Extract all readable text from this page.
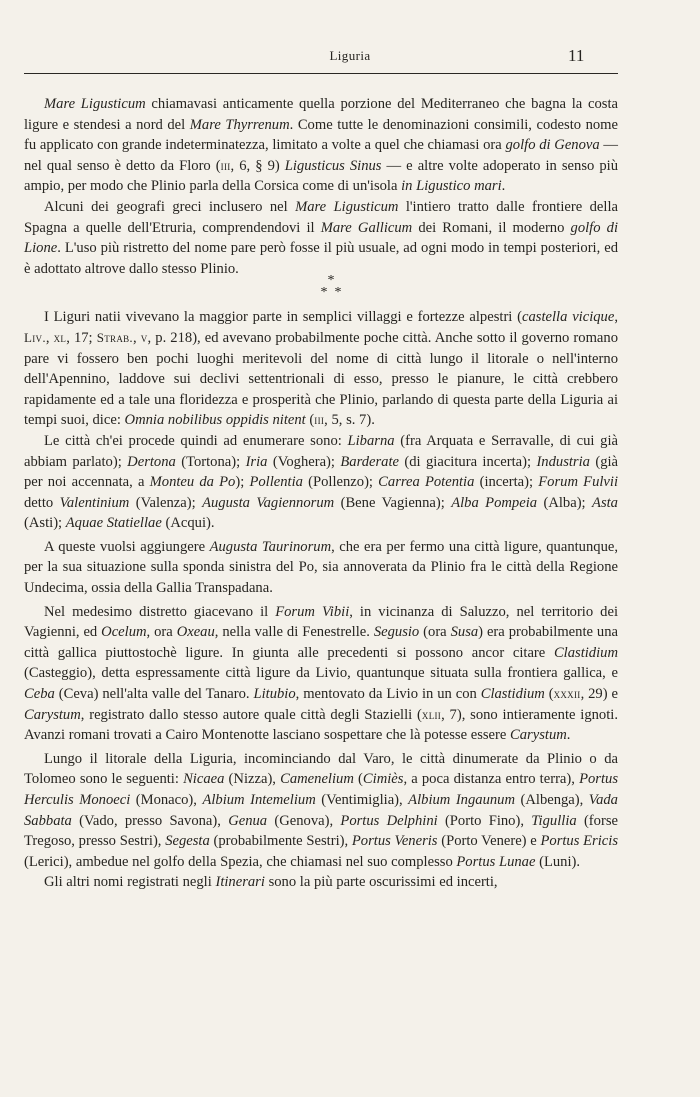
Liguria	11

Mare Ligusticum chiamavasi anticamente quella porzione del Mediterraneo che bagna la costa ligure e stendesi a nord del Mare Thyrrenum. Come tutte le denominazioni consimili, codesto nome fu applicato con grande indeterminatezza, limitato a volte a quel che chiamasi ora golfo di Genova — nel qual senso è detto da Floro (iii, 6, § 9) Ligusticus Sinus — e altre volte adoperato in senso più ampio, per modo che Plinio parla della Corsica come di un'isola in Ligustico mari.

Alcuni dei geografi greci inclusero nel Mare Ligusticum l'intiero tratto dalle frontiere della Spagna a quelle dell'Etruria, comprendendovi il Mare Gallicum dei Romani, il moderno golfo di Lione. L'uso più ristretto del nome pare però fosse il più usuale, ad ogni modo in tempi posteriori, ed è adottato altrove dallo stesso Plinio.

*
* *

I Liguri natii vivevano la maggior parte in semplici villaggi e fortezze alpestri (castella vicique, Liv., xl, 17; Strab., v, p. 218), ed avevano probabilmente poche città. Anche sotto il governo romano pare vi fossero ben pochi luoghi meritevoli del nome di città lungo il litorale o nell'interno dell'Apennino, laddove sui declivi settentrionali di esso, presso le pianure, le città crebbero rapidamente ed a tale una floridezza e prosperità che Plinio, parlando di questa parte della Liguria ai tempi suoi, dice: Omnia nobilibus oppidis nitent (iii, 5, s. 7).

Le città ch'ei procede quindi ad enumerare sono: Libarna (fra Arquata e Serravalle, di cui già abbiam parlato); Dertona (Tortona); Iria (Voghera); Barderate (di giacitura incerta); Industria (già per noi accennata, a Monteu da Po); Pollentia (Pollenzo); Carrea Potentia (incerta); Forum Fulvii detto Valentinium (Valenza); Augusta Vagiennorum (Bene Vagienna); Alba Pompeia (Alba); Asta (Asti); Aquae Statiellae (Acqui).

A queste vuolsi aggiungere Augusta Taurinorum, che era per fermo una città ligure, quantunque, per la sua situazione sulla sponda sinistra del Po, sia annoverata da Plinio fra le città della Regione Undecima, ossia della Gallia Transpadana.

Nel medesimo distretto giacevano il Forum Vibii, in vicinanza di Saluzzo, nel territorio dei Vagienni, ed Ocelum, ora Oxeau, nella valle di Fenestrelle. Segusio (ora Susa) era probabilmente una città gallica piuttostochè ligure. In giunta alle precedenti si possono ancor citare Clastidium (Casteggio), detta espressamente città ligure da Livio, quantunque situata sulla frontiera gallica, e Ceba (Ceva) nell'alta valle del Tanaro. Litubio, mentovato da Livio in un con Clastidium (xxxii, 29) e Carystum, registrato dallo stesso autore quale città degli Stazielli (xlii, 7), sono intieramente ignoti. Avanzi romani trovati a Cairo Montenotte lasciano sospettare che là potesse essere Carystum.

Lungo il litorale della Liguria, incominciando dal Varo, le città dinumerate da Plinio o da Tolomeo sono le seguenti: Nicaea (Nizza), Camenelium (Cimiès, a poca distanza entro terra), Portus Herculis Monoeci (Monaco), Albium Intemelium (Ventimiglia), Albium Ingaunum (Albenga), Vada Sabbata (Vado, presso Savona), Genua (Genova), Portus Delphini (Porto Fino), Tigullia (forse Tregoso, presso Sestri), Segesta (probabilmente Sestri), Portus Veneris (Porto Venere) e Portus Ericis (Lerici), ambedue nel golfo della Spezia, che chiamasi nel suo complesso Portus Lunae (Luni).

Gli altri nomi registrati negli Itinerari sono la più parte oscurissimi ed incerti,
